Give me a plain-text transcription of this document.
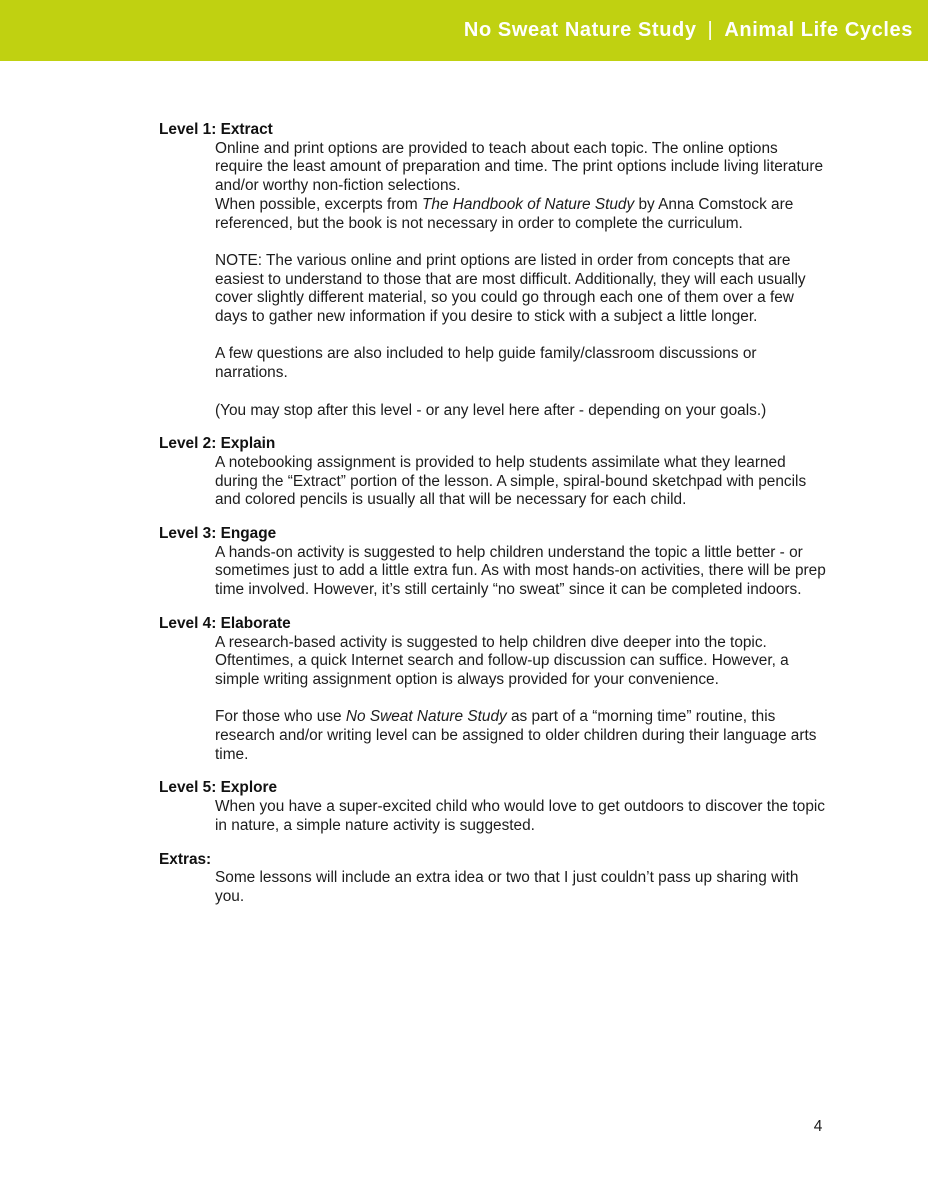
No Sweat Nature Study | Animal Life Cycles
Level 1: Extract

Online and print options are provided to teach about each topic. The online options require the least amount of preparation and time. The print options include living literature and/or worthy non-fiction selections.

When possible, excerpts from The Handbook of Nature Study by Anna Comstock are referenced, but the book is not necessary in order to complete the curriculum.

NOTE: The various online and print options are listed in order from concepts that are easiest to understand to those that are most difficult. Additionally, they will each usually cover slightly different material, so you could go through each one of them over a few days to gather new information if you desire to stick with a subject a little longer.

A few questions are also included to help guide family/classroom discussions or narrations.

(You may stop after this level - or any level here after - depending on your goals.)

Level 2: Explain

A notebooking assignment is provided to help students assimilate what they learned during the “Extract” portion of the lesson. A simple, spiral-bound sketchpad with pencils and colored pencils is usually all that will be necessary for each child.

Level 3: Engage

A hands-on activity is suggested to help children understand the topic a little better - or sometimes just to add a little extra fun. As with most hands-on activities, there will be prep time involved. However, it’s still certainly “no sweat” since it can be completed indoors.

Level 4: Elaborate

A research-based activity is suggested to help children dive deeper into the topic. Oftentimes, a quick Internet search and follow-up discussion can suffice. However, a simple writing assignment option is always provided for your convenience.

For those who use No Sweat Nature Study as part of a “morning time” routine, this research and/or writing level can be assigned to older children during their language arts time.

Level 5: Explore

When you have a super-excited child who would love to get outdoors to discover the topic in nature, a simple nature activity is suggested.

Extras:

Some lessons will include an extra idea or two that I just couldn’t pass up sharing with you.

4
